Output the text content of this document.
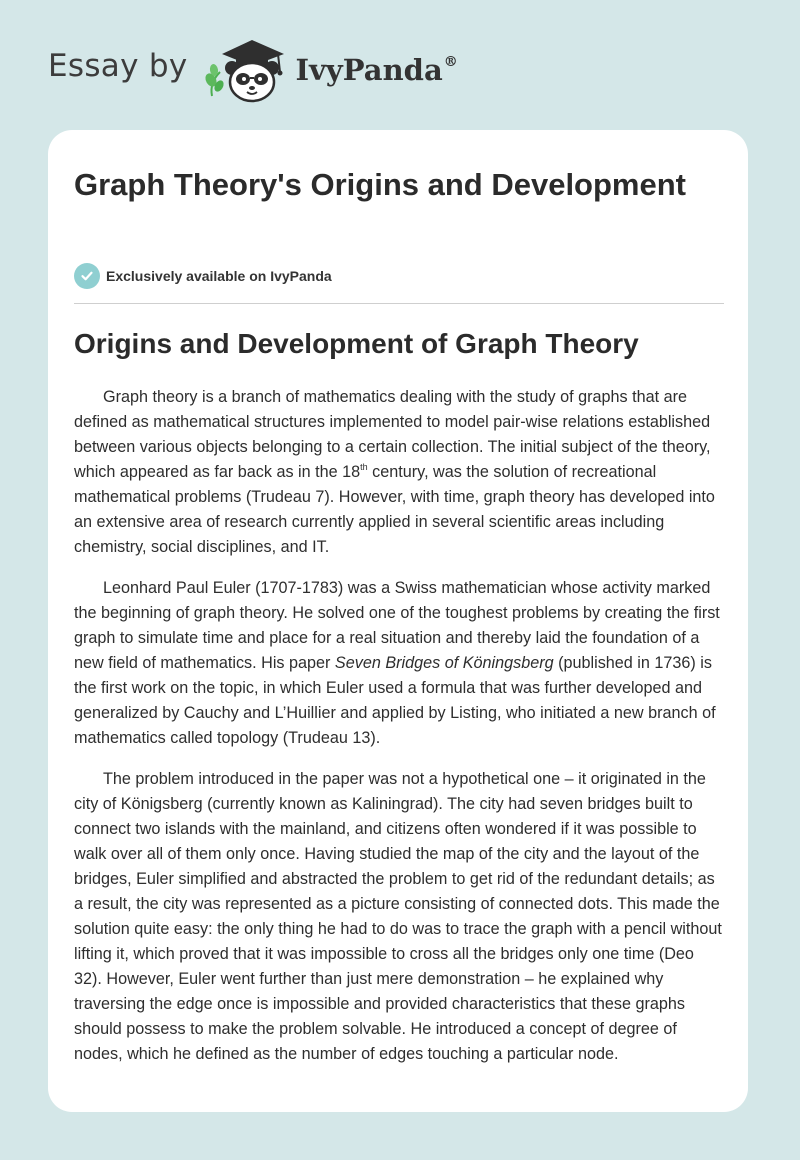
Essay by	IvyPanda®
Graph Theory's Origins and Development
Exclusively available on IvyPanda
Origins and Development of Graph Theory

Graph theory is a branch of mathematics dealing with the study of graphs that are defined as mathematical structures implemented to model pair-wise relations established between various objects belonging to a certain collection. The initial subject of the theory, which appeared as far back as in the 18th century, was the solution of recreational mathematical problems (Trudeau 7). However, with time, graph theory has developed into an extensive area of research currently applied in several scientific areas including chemistry, social disciplines, and IT.

Leonhard Paul Euler (1707-1783) was a Swiss mathematician whose activity marked the beginning of graph theory. He solved one of the toughest problems by creating the first graph to simulate time and place for a real situation and thereby laid the foundation of a new field of mathematics. His paper Seven Bridges of Köningsberg (published in 1736) is the first work on the topic, in which Euler used a formula that was further developed and generalized by Cauchy and L’Huillier and applied by Listing, who initiated a new branch of mathematics called topology (Trudeau 13).

The problem introduced in the paper was not a hypothetical one – it originated in the city of Königsberg (currently known as Kaliningrad). The city had seven bridges built to connect two islands with the mainland, and citizens often wondered if it was possible to walk over all of them only once. Having studied the map of the city and the layout of the bridges, Euler simplified and abstracted the problem to get rid of the redundant details; as a result, the city was represented as a picture consisting of connected dots. This made the solution quite easy: the only thing he had to do was to trace the graph with a pencil without lifting it, which proved that it was impossible to cross all the bridges only one time (Deo 32). However, Euler went further than just mere demonstration – he explained why traversing the edge once is impossible and provided characteristics that these graphs should possess to make the problem solvable. He introduced a concept of degree of nodes, which he defined as the number of edges touching a particular node.
